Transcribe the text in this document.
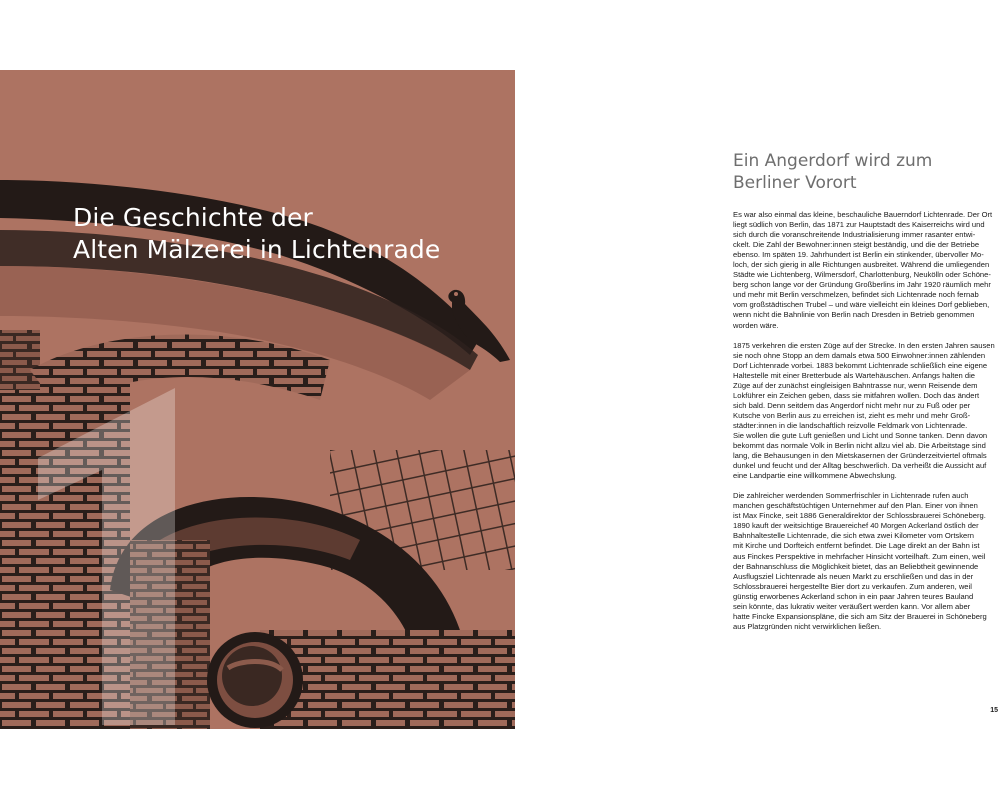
Die Geschichte der
Alten Mälzerei in Lichtenrade
Ein Angerdorf wird zum
Berliner Vorort

Es war also einmal das kleine, beschauliche Bauerndorf Lichtenrade. Der Ort
liegt südlich von Berlin, das 1871 zur Hauptstadt des Kaiserreichs wird und
sich durch die voranschreitende Industrialisierung immer rasanter entwi-
ckelt. Die Zahl der Bewohner:innen steigt beständig, und die der Betriebe
ebenso. Im späten 19. Jahrhundert ist Berlin ein stinkender, übervoller Mo-
loch, der sich gierig in alle Richtungen ausbreitet. Während die umliegenden
Städte wie Lichtenberg, Wilmersdorf, Charlottenburg, Neukölln oder Schöne-
berg schon lange vor der Gründung Großberlins im Jahr 1920 räumlich mehr
und mehr mit Berlin verschmelzen, befindet sich Lichtenrade noch fernab
vom großstädtischen Trubel – und wäre vielleicht ein kleines Dorf geblieben,
wenn nicht die Bahnlinie von Berlin nach Dresden in Betrieb genommen
worden wäre.

1875 verkehren die ersten Züge auf der Strecke. In den ersten Jahren sausen
sie noch ohne Stopp an dem damals etwa 500 Einwohner:innen zählenden
Dorf Lichtenrade vorbei. 1883 bekommt Lichtenrade schließlich eine eigene
Haltestelle mit einer Bretterbude als Wartehäuschen. Anfangs halten die
Züge auf der zunächst eingleisigen Bahntrasse nur, wenn Reisende dem
Lokführer ein Zeichen geben, dass sie mitfahren wollen. Doch das ändert
sich bald. Denn seitdem das Angerdorf nicht mehr nur zu Fuß oder per
Kutsche von Berlin aus zu erreichen ist, zieht es mehr und mehr Groß-
städter:innen in die landschaftlich reizvolle Feldmark von Lichtenrade.
Sie wollen die gute Luft genießen und Licht und Sonne tanken. Denn davon
bekommt das normale Volk in Berlin nicht allzu viel ab. Die Arbeitstage sind
lang, die Behausungen in den Mietskasernen der Gründerzeitviertel oftmals
dunkel und feucht und der Alltag beschwerlich. Da verheißt die Aussicht auf
eine Landpartie eine willkommene Abwechslung.

Die zahlreicher werdenden Sommerfrischler in Lichtenrade rufen auch
manchen geschäftstüchtigen Unternehmer auf den Plan. Einer von ihnen
ist Max Fincke, seit 1886 Generaldirektor der Schlossbrauerei Schöneberg.
1890 kauft der weitsichtige Brauereichef 40 Morgen Ackerland östlich der
Bahnhaltestelle Lichtenrade, die sich etwa zwei Kilometer vom Ortskern
mit Kirche und Dorfteich entfernt befindet. Die Lage direkt an der Bahn ist
aus Finckes Perspektive in mehrfacher Hinsicht vorteilhaft. Zum einen, weil
der Bahnanschluss die Möglichkeit bietet, das an Beliebtheit gewinnende
Ausflugsziel Lichtenrade als neuen Markt zu erschließen und das in der
Schlossbrauerei hergestellte Bier dort zu verkaufen. Zum anderen, weil
günstig erworbenes Ackerland schon in ein paar Jahren teures Bauland
sein könnte, das lukrativ weiter veräußert werden kann. Vor allem aber
hatte Fincke Expansionspläne, die sich am Sitz der Brauerei in Schöneberg
aus Platzgründen nicht verwirklichen ließen.

15
